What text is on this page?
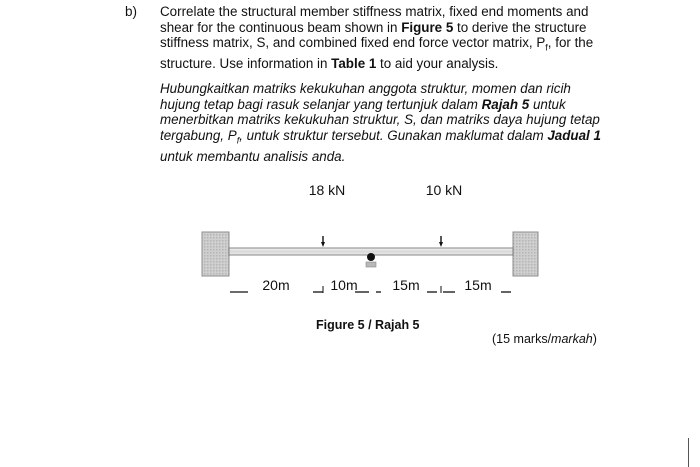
b) Correlate the structural member stiffness matrix, fixed end moments and shear for the continuous beam shown in Figure 5 to derive the structure stiffness matrix, S, and combined fixed end force vector matrix, $P_f$, for the structure. Use information in Table 1 to aid your analysis.
Hubungkaitkan matriks kekukuhan anggota struktur, momen dan ricih hujung tetap bagi rasuk selanjar yang tertunjuk dalam Rajah 5 untuk menerbitkan matriks kekukuhan struktur, S, dan matriks daya hujung tetap tergabung, $P_f$, untuk struktur tersebut. Gunakan maklumat dalam Jadual 1 untuk membantu analisis anda.
18 kN	10 kN
20m	10m 15m	15m
Figure 5 / Rajah 5
(15 marks/markah)
